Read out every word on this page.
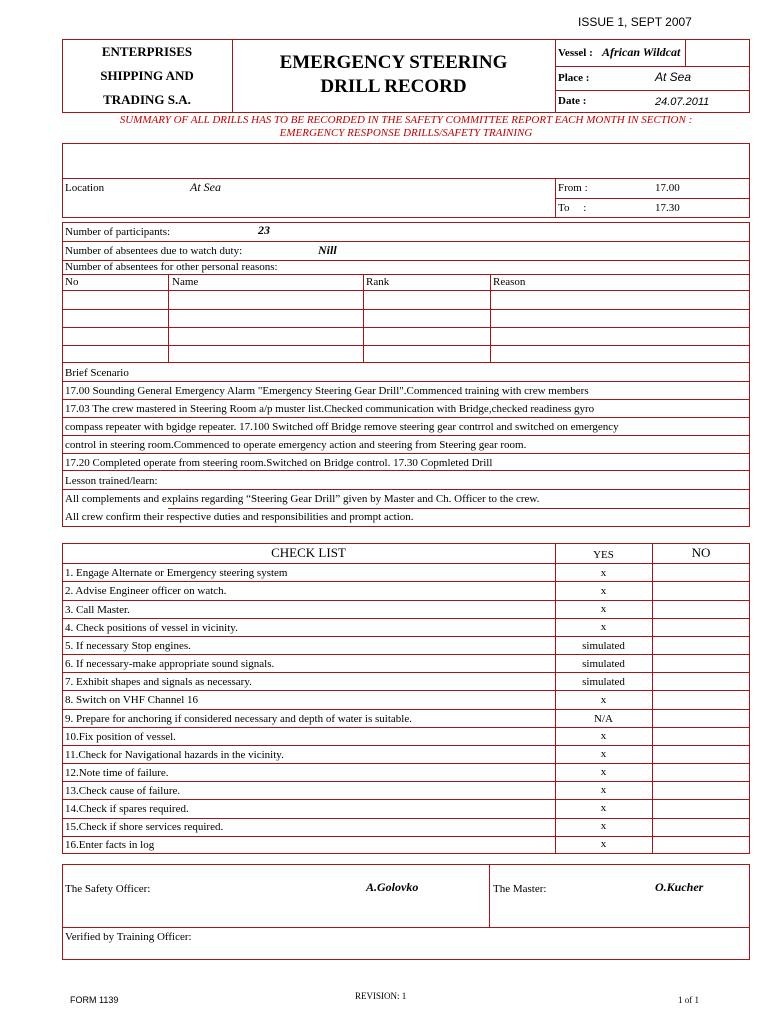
ISSUE 1, SEPT 2007
ENTERPRISES
SHIPPING AND
TRADING S.A.
EMERGENCY STEERING
DRILL RECORD
Vessel : African Wildcat
Place :	At Sea
Date :	24.07.2011
SUMMARY OF ALL DRILLS HAS TO BE RECORDED IN THE SAFETY COMMITTEE REPORT EACH MONTH IN SECTION :
EMERGENCY RESPONSE DRILLS/SAFETY TRAINING
Location	At Sea	From :	17.00
To     :	17.30
Number of participants:	23
Number of absentees due to watch duty:	Nill
Number of absentees for other personal reasons:
No	Name	Rank	Reason
Brief Scenario
17.00 Sounding General Emergency Alarm "Emergency Steering Gear Drill".Commenced training with crew members
17.03 The crew mastered in Steering Room a/p muster list.Checked communication with Bridge,checked readiness gyro
compass repeater with bgidge repeater. 17.100 Switched off Bridge remove steering gear contrrol and switched on emergency
control in steering room.Commenced to operate emergency action and steering from Steering gear room.
17.20 Completed operate from steering room.Switched on Bridge control. 17.30 Copmleted Drill
Lesson trained/learn:
All complements and explains regarding “Steering Gear Drill” given by Master and Ch. Officer to the crew.
All crew confirm their respective duties and responsibilities and prompt action.
CHECK LIST	YES	NO
1. Engage Alternate or Emergency steering system	x
2. Advise Engineer officer on watch.	x
3. Call Master.	x
4. Check positions of vessel in vicinity.	x
5. If necessary Stop engines.	simulated
6. If necessary-make appropriate sound signals.	simulated
7. Exhibit shapes and signals as necessary.	simulated
8. Switch on VHF Channel 16	x
9. Prepare for anchoring if considered necessary and depth of water is suitable.	N/A
10.Fix position of vessel.	x
11.Check for Navigational hazards in the vicinity.	x
12.Note time of failure.	x
13.Check cause of failure.	x
14.Check if spares required.	x
15.Check if shore services required.	x
16.Enter facts in log	x
The Safety Officer:	A.Golovko	The Master:	O.Kucher
Verified by Training Officer:
FORM 1139	REVISION: 1	1 of 1
